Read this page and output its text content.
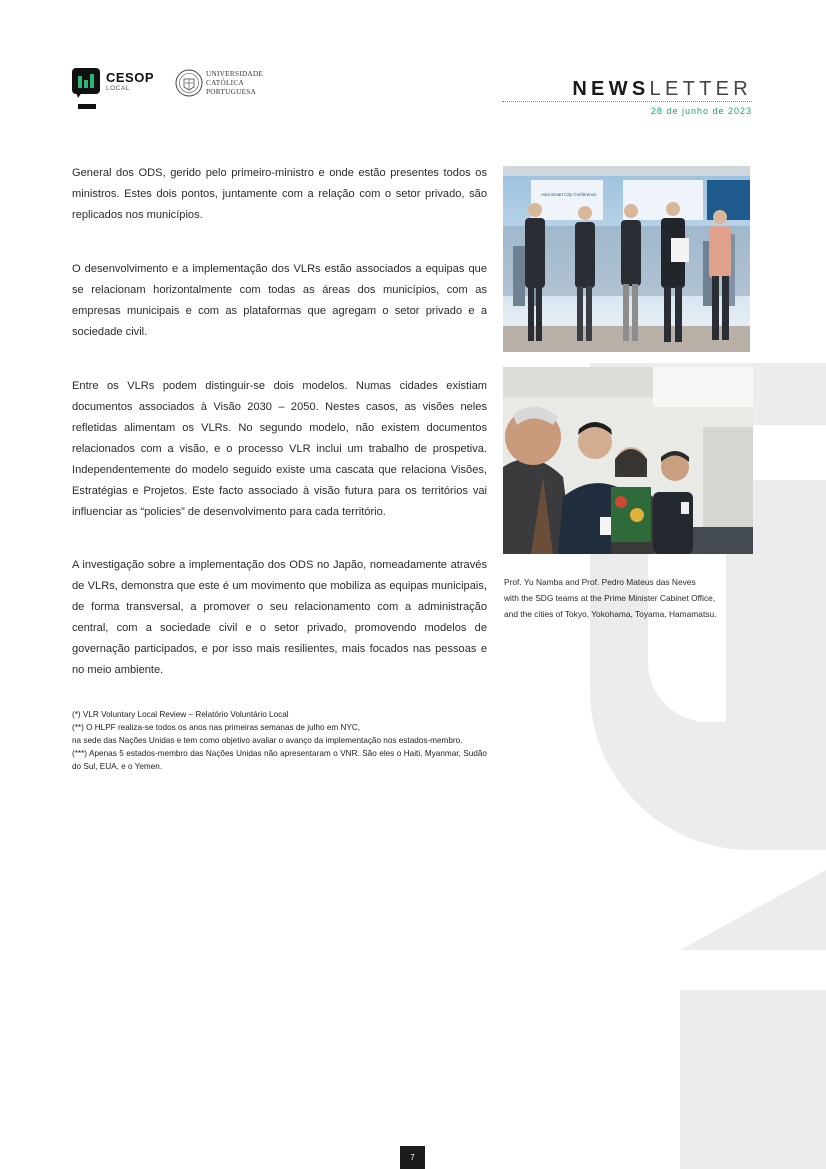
CESOP
LOCAL
UNIVERSIDADE
CATÓLICA
PORTUGUESA	NEWSLETTER
28 de junho de 2023

General dos ODS, gerido pelo primeiro-ministro e onde estão presentes todos os ministros. Estes dois pontos, juntamente com a relação com o setor privado, são replicados nos municípios.

O desenvolvimento e a implementação dos VLRs estão associados a equipas que se relacionam horizontalmente com todas as áreas dos municípios, com as empresas municipais e com as plataformas que agregam o setor privado e a sociedade civil.

Entre os VLRs podem distinguir-se dois modelos. Numas cidades existiam documentos associados à Visão 2030 – 2050. Nestes casos, as visões neles refletidas alimentam os VLRs. No segundo modelo, não existem documentos relacionados com a visão, e o processo VLR inclui um trabalho de prospetiva. Independentemente do modelo seguido existe uma cascata que relaciona Visões, Estratégias e Projetos. Este facto associado à visão futura para os territórios vai influenciar as “policies” de desenvolvimento para cada território.

A investigação sobre a implementação dos ODS no Japão, nomeadamente através de VLRs, demonstra que este é um movimento que mobiliza as equipas municipais, de forma transversal, a promover o seu relacionamento com a administração central, com a sociedade civil e o setor privado, promovendo modelos de governação participados, e por isso mais resilientes, mais focados nas pessoas e no meio ambiente.

(*) VLR Voluntary Local Review – Relatório Voluntário Local
(**) O HLPF realiza-se todos os anos nas primeiras semanas de julho em NYC,
na sede das Nações Unidas e tem como objetivo avaliar o avanço da implementação nos estados-membro.
(***) Apenas 5 estados-membro das Nações Unidas não apresentaram o VNR. São eles o Haiti, Myanmar, Sudão do Sul, EUA, e o Yemen.
Asia Smart City Conference
Prof. Yu Namba and Prof. Pedro Mateus das Neves
with the SDG teams at the Prime Minister Cabinet Office,
and the cities of Tokyo, Yokohama, Toyama, Hamamatsu.
7
